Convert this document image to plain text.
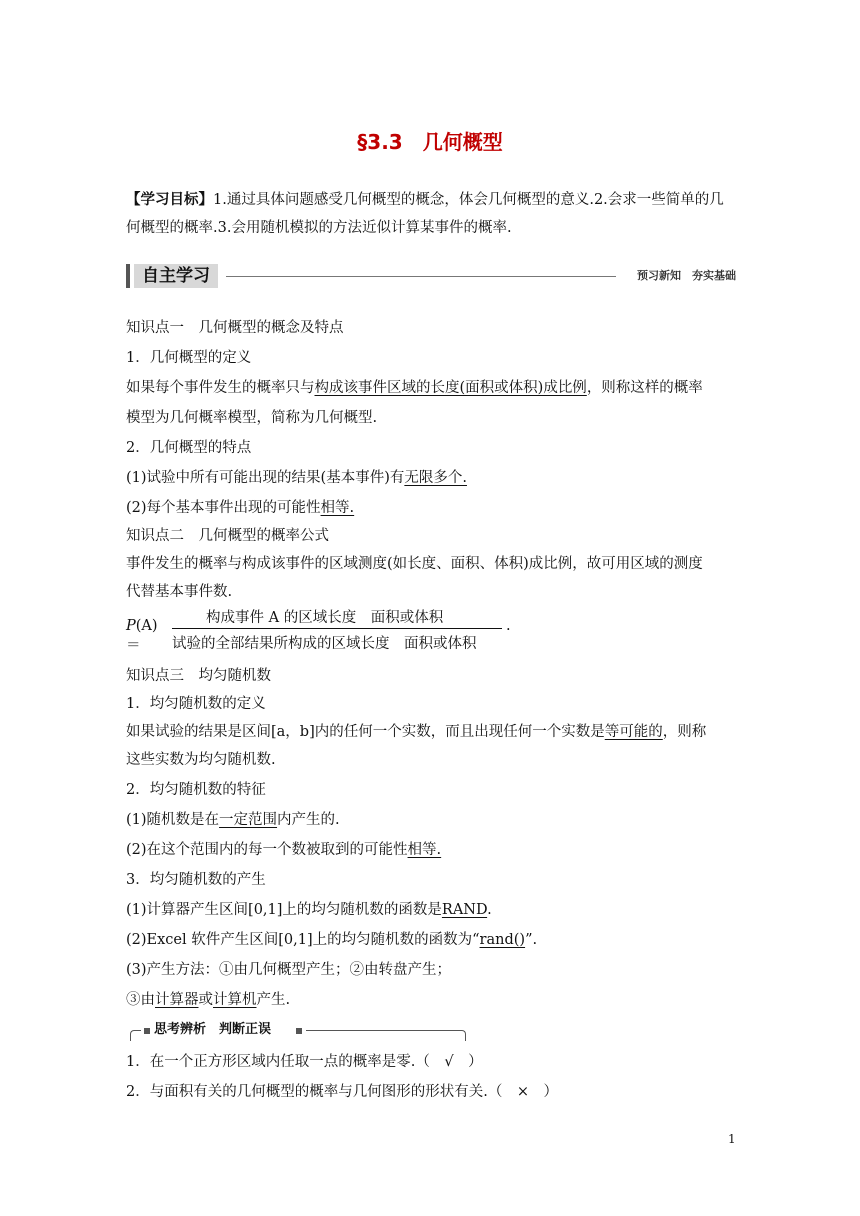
§3.3　几何概型
【学习目标】1.通过具体问题感受几何概型的概念，体会几何概型的意义.2.会求一些简单的几何概型的概率.3.会用随机模拟的方法近似计算某事件的概率.
自主学习	预习新知　夯实基础
知识点一　几何概型的概念及特点
1．几何概型的定义
如果每个事件发生的概率只与构成该事件区域的长度(面积或体积)成比例，则称这样的概率
模型为几何概率模型，简称为几何概型.
2．几何概型的特点
(1)试验中所有可能出现的结果(基本事件)有无限多个.
(2)每个基本事件出现的可能性相等.
知识点二　几何概型的概率公式
事件发生的概率与构成该事件的区域测度(如长度、面积、体积)成比例，故可用区域的测度
代替基本事件数.
P(A)＝
构成事件 A 的区域长度　面积或体积
试验的全部结果所构成的区域长度　面积或体积
.
知识点三　均匀随机数
1．均匀随机数的定义
如果试验的结果是区间[a，b]内的任何一个实数，而且出现任何一个实数是等可能的，则称
这些实数为均匀随机数.
2．均匀随机数的特征
(1)随机数是在一定范围内产生的.
(2)在这个范围内的每一个数被取到的可能性相等.
3．均匀随机数的产生
(1)计算器产生区间[0,1]上的均匀随机数的函数是RAND.
(2)Excel 软件产生区间[0,1]上的均匀随机数的函数为“rand()”.
(3)产生方法：①由几何概型产生；②由转盘产生；
③由计算器或计算机产生.
思考辨析　判断正误
1．在一个正方形区域内任取一点的概率是零.（　√　）
2．与面积有关的几何概型的概率与几何图形的形状有关.（　×　）
1
